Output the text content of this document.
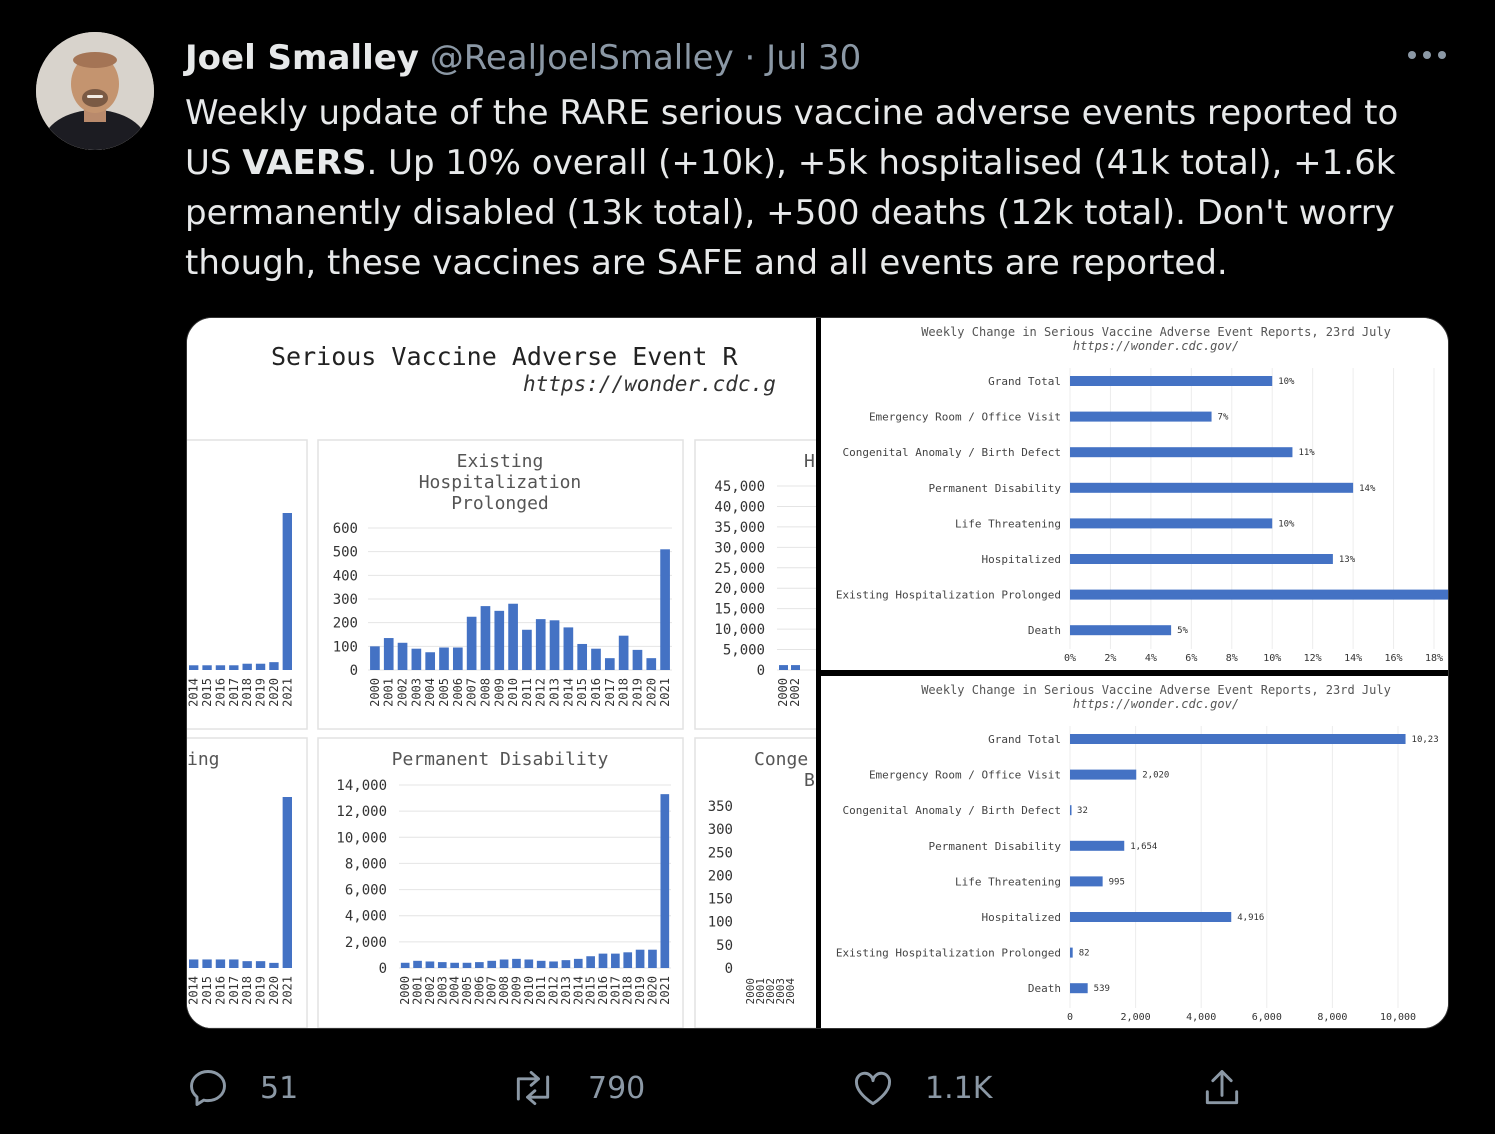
Joel Smalley @RealJoelSmalley · Jul 30
Weekly update of the RARE serious vaccine adverse events reported to US VAERS. Up 10% overall (+10k), +5k hospitalised (41k total), +1.6k permanently disabled (13k total), +500 deaths (12k total). Don't worry though, these vaccines are SAFE and all events are reported.
Serious Vaccine Adverse Event R
https://wonder.cdc.g
Existing
Hospitalization
Prolonged
0
100
200
300
400
500
600
2000 2001 2002 2003 2004 2005 2006 2007 2008 2009 2010 2011 2012 2013 2014 2015 2016 2017 2018 2019 2020 2021
Permanent Disability
0
2,000
4,000
6,000
8,000
10,000
12,000
14,000
2000
2001
2002
2003
2004
2005
2006
2007
2008
2009
2010
2011
2012
2013
2014
2015
2016
2017
2018
2019
2020
2021
2014 2015 2016 2017 2018 2019 2020 2021
ing
2014 2015 2016 2017 2018 2019 2020 2021
H
0
5,000
10,000
15,000
20,000
25,000
30,000
35,000
40,000
45,000
2000
2002
Conge
B
0
50
100
150
200
250
300
350
2000
2001
2002
2003
2004
Weekly Change in Serious Vaccine Adverse Event Reports, 23rd July
https://wonder.cdc.gov/
0%	2%	4%	6%	8%	10% 12% 14% 16% 18%
Grand Total	10%
Emergency Room / Office Visit	7%
Congenital Anomaly / Birth Defect	11%
Permanent Disability	14%
Life Threatening	10%
Hospitalized	13%
Existing Hospitalization Prolonged
Death	5%
Weekly Change in Serious Vaccine Adverse Event Reports, 23rd July
https://wonder.cdc.gov/
0	2,000	4,000	6,000	8,000	10,000
Grand Total	10,23
Emergency Room / Office Visit	2,020
Congenital Anomaly / Birth Defect 32
Permanent Disability	1,654
Life Threatening	995
Hospitalized	4,916
Existing Hospitalization Prolonged 82
Death	539
51	790	1.1K
